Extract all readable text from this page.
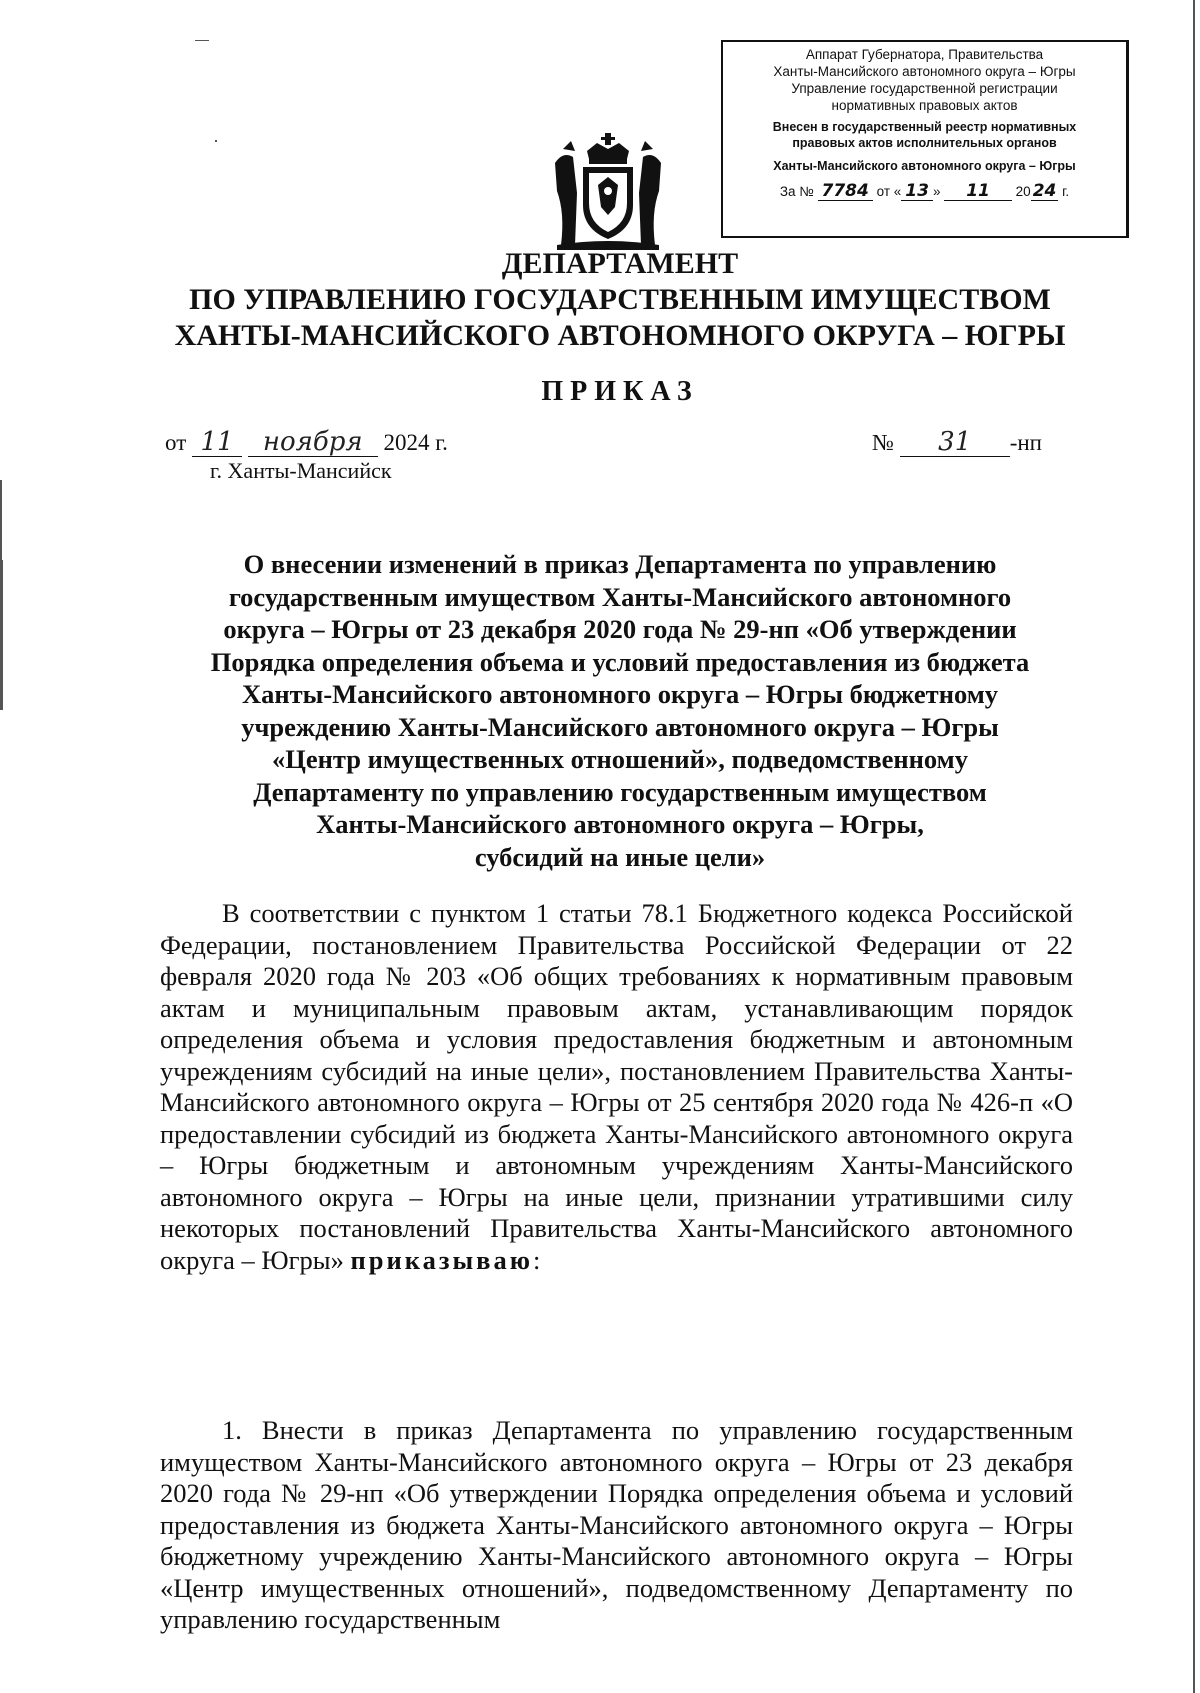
Аппарат Губернатора, Правительства
Ханты-Мансийского автономного округа – Югры
Управление государственной регистрации
нормативных правовых актов
Внесен в государственный реестр нормативных
правовых актов исполнительных органов
Ханты-Мансийского автономного округа – Югры
За № 7784 от « 13 » 11 20 24 г.
ДЕПАРТАМЕНТ
ПО УПРАВЛЕНИЮ ГОСУДАРСТВЕННЫМ ИМУЩЕСТВОМ
ХАНТЫ-МАНСИЙСКОГО АВТОНОМНОГО ОКРУГА – ЮГРЫ
ПРИКАЗ
от 11 ноября 2024 г.
г. Ханты-Мансийск
№ 31 -нп
О внесении изменений в приказ Департамента по управлению
государственным имуществом Ханты-Мансийского автономного
округа – Югры от 23 декабря 2020 года № 29-нп «Об утверждении
Порядка определения объема и условий предоставления из бюджета
Ханты-Мансийского автономного округа – Югры бюджетному
учреждению Ханты-Мансийского автономного округа – Югры
«Центр имущественных отношений», подведомственному
Департаменту по управлению государственным имуществом
Ханты-Мансийского автономного округа – Югры,
субсидий на иные цели»

В соответствии с пунктом 1 статьи 78.1 Бюджетного кодекса Российской Федерации, постановлением Правительства Российской Федерации от 22 февраля 2020 года № 203 «Об общих требованиях к нормативным правовым актам и муниципальным правовым актам, устанавливающим порядок определения объема и условия предоставления бюджетным и автономным учреждениям субсидий на иные цели», постановлением Правительства Ханты-Мансийского автономного округа – Югры от 25 сентября 2020 года № 426-п «О предоставлении субсидий из бюджета Ханты-Мансийского автономного округа – Югры бюджетным и автономным учреждениям Ханты-Мансийского автономного округа – Югры на иные цели, признании утратившими силу некоторых постановлений Правительства Ханты-Мансийского автономного округа – Югры» приказываю:

1. Внести в приказ Департамента по управлению государственным имуществом Ханты-Мансийского автономного округа – Югры от 23 декабря 2020 года № 29-нп «Об утверждении Порядка определения объема и условий предоставления из бюджета Ханты-Мансийского автономного округа – Югры бюджетному учреждению Ханты-Мансийского автономного округа – Югры «Центр имущественных отношений», подведомственному Департаменту по управлению государственным
